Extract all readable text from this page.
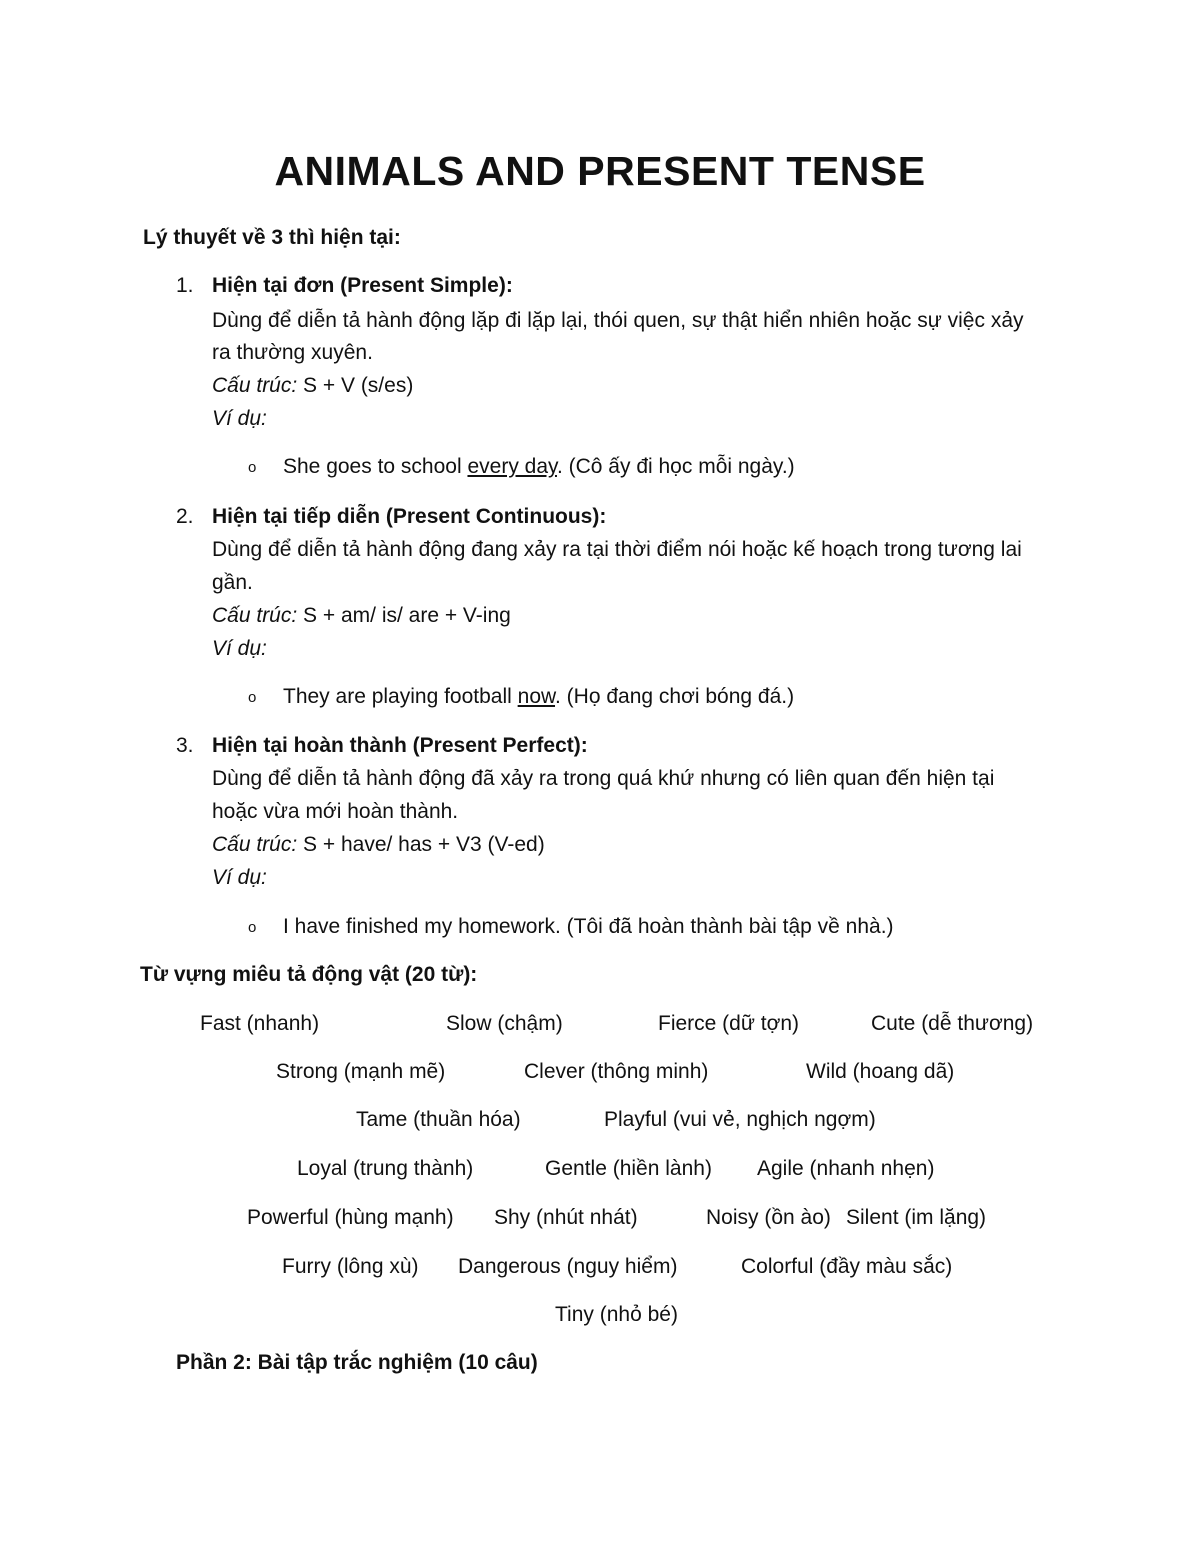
ANIMALS AND PRESENT TENSE
Lý thuyết về 3 thì hiện tại:
1. Hiện tại đơn (Present Simple):
Dùng để diễn tả hành động lặp đi lặp lại, thói quen, sự thật hiển nhiên hoặc sự việc xảy
ra thường xuyên.
Cấu trúc: S + V (s/es)
Ví dụ:
o She goes to school every day. (Cô ấy đi học mỗi ngày.)
2. Hiện tại tiếp diễn (Present Continuous):
Dùng để diễn tả hành động đang xảy ra tại thời điểm nói hoặc kế hoạch trong tương lai
gần.
Cấu trúc: S + am/ is/ are + V-ing
Ví dụ:
o They are playing football now. (Họ đang chơi bóng đá.)
3. Hiện tại hoàn thành (Present Perfect):
Dùng để diễn tả hành động đã xảy ra trong quá khứ nhưng có liên quan đến hiện tại
hoặc vừa mới hoàn thành.
Cấu trúc: S + have/ has + V3 (V-ed)
Ví dụ:
o I have finished my homework. (Tôi đã hoàn thành bài tập về nhà.)
Từ vựng miêu tả động vật (20 từ):
Fast (nhanh)	Slow (chậm)	Fierce (dữ tợn)	Cute (dễ thương)
Strong (mạnh mẽ)	Clever (thông minh)	Wild (hoang dã)
Tame (thuần hóa)	Playful (vui vẻ, nghịch ngợm)
Loyal (trung thành)	Gentle (hiền lành) Agile (nhanh nhẹn)
Powerful (hùng mạnh) Shy (nhút nhát)	Noisy (ồn ào) Silent (im lặng)
Furry (lông xù) Dangerous (nguy hiểm)	Colorful (đầy màu sắc)
Tiny (nhỏ bé)
Phần 2: Bài tập trắc nghiệm (10 câu)
